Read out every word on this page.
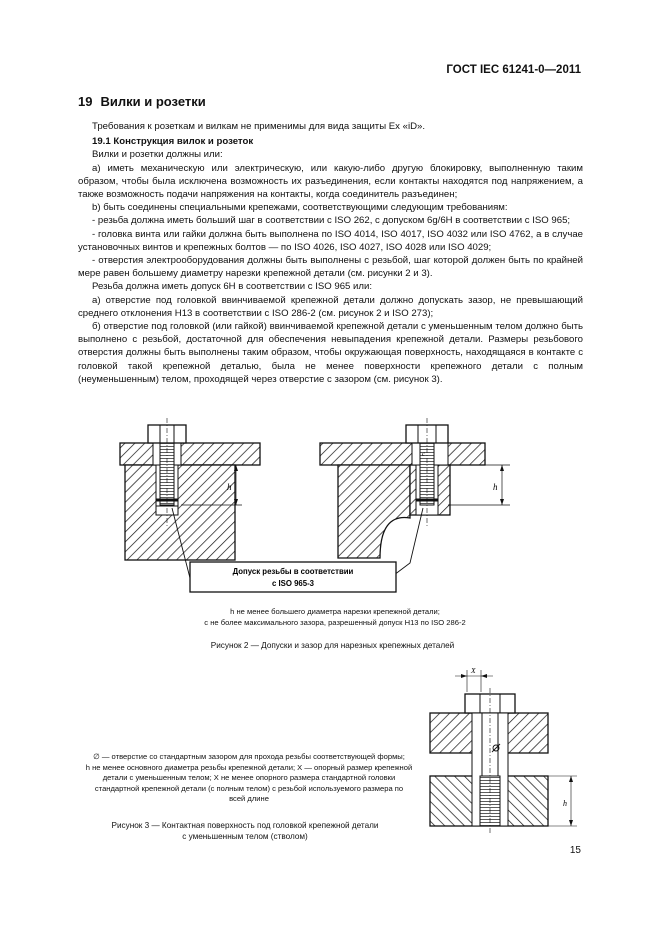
ГОСТ IEC 61241-0—2011
19 Вилки и розетки

Требования к розеткам и вилкам не применимы для вида защиты Ex «iD».

19.1 Конструкция вилок и розеток

Вилки и розетки должны или:

a) иметь механическую или электрическую, или какую-либо другую блокировку, выполненную таким образом, чтобы была исключена возможность их разъединения, если контакты находятся под напряжением, а также возможность подачи напряжения на контакты, когда соединитель разъединен;

b) быть соединены специальными крепежами, соответствующими следующим требованиям:

- резьба должна иметь больший шаг в соответствии с ISO 262, с допуском 6g/6H в соответствии с ISO 965;

- головка винта или гайки должна быть выполнена по ISO 4014, ISO 4017, ISO 4032 или ISO 4762, а в случае установочных винтов и крепежных болтов — по ISO 4026, ISO 4027, ISO 4028 или ISO 4029;

- отверстия электрооборудования должны быть выполнены с резьбой, шаг которой должен быть по крайней мере равен большему диаметру нарезки крепежной детали (см. рисунки 2 и 3).

Резьба должна иметь допуск 6H в соответствии с ISO 965 или:

a) отверстие под головкой ввинчиваемой крепежной детали должно допускать зазор, не превышающий среднего отклонения H13 в соответствии с ISO 286-2 (см. рисунок 2 и ISO 273);

б) отверстие под головкой (или гайкой) ввинчиваемой крепежной детали с уменьшенным телом должно быть выполнено с резьбой, достаточной для обеспечения невыпадения крепежной детали. Размеры резьбового отверстия должны быть выполнены таким образом, чтобы окружающая поверхность, находящаяся в контакте с головкой такой крепежной деталью, была не менее поверхности крепежного детали с полным (неуменьшенным) телом, проходящей через отверстие с зазором (см. рисунок 3).

h
c
h
Допуск резьбы в соответствии
с ISO 965-3
h не менее большего диаметра нарезки крепежной детали;
c не более максимального зазора, разрешенный допуск H13 по ISO 286-2
Рисунок 2 — Допуски и зазор для нарезных крепежных деталей
X
h
∅ — отверстие со стандартным зазором для прохода резьбы соответствующей формы;
h не менее основного диаметра резьбы крепежной детали; X — опорный размер крепежной детали с уменьшенным телом; X не менее опорного размера стандартной головки
стандартной крепежной детали (с полным телом) с резьбой используемого размера по
всей длине
Рисунок 3 — Контактная поверхность под головкой крепежной детали
с уменьшенным телом (стволом)
15
